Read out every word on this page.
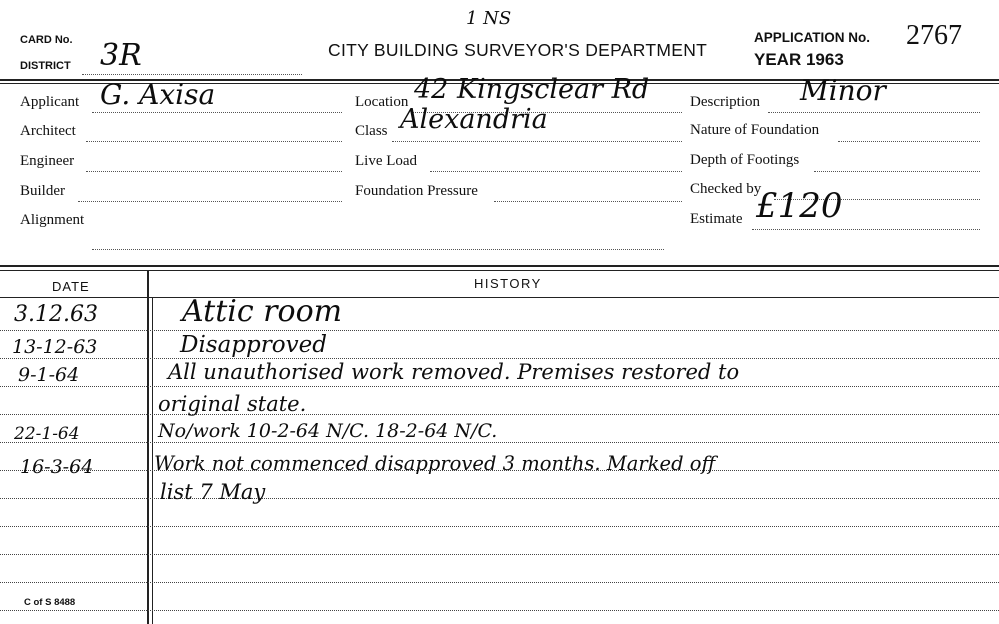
1 NS
CARD No.
DISTRICT 3R	CITY BUILDING SURVEYOR'S DEPARTMENT
APPLICATION No. 2767
YEAR 1963
Applicant G. Axisa
Architect
Engineer
Builder
Alignment
Location 42 Kingsclear Rd
Class Alexandria
Live Load
Foundation Pressure
Description Minor
Nature of Foundation
Depth of Footings
Checked by
Estimate £120
DATE	HISTORY
3.12.63	Attic room
13-12-63	Disapproved
9-1-64	All unauthorised work removed. Premises restored to
original state.
22-1-64	No/work 10-2-64 N/C. 18-2-64 N/C.
16-3-64	Work not commenced disapproved 3 months. Marked off
list 7 May
C of S 8488
